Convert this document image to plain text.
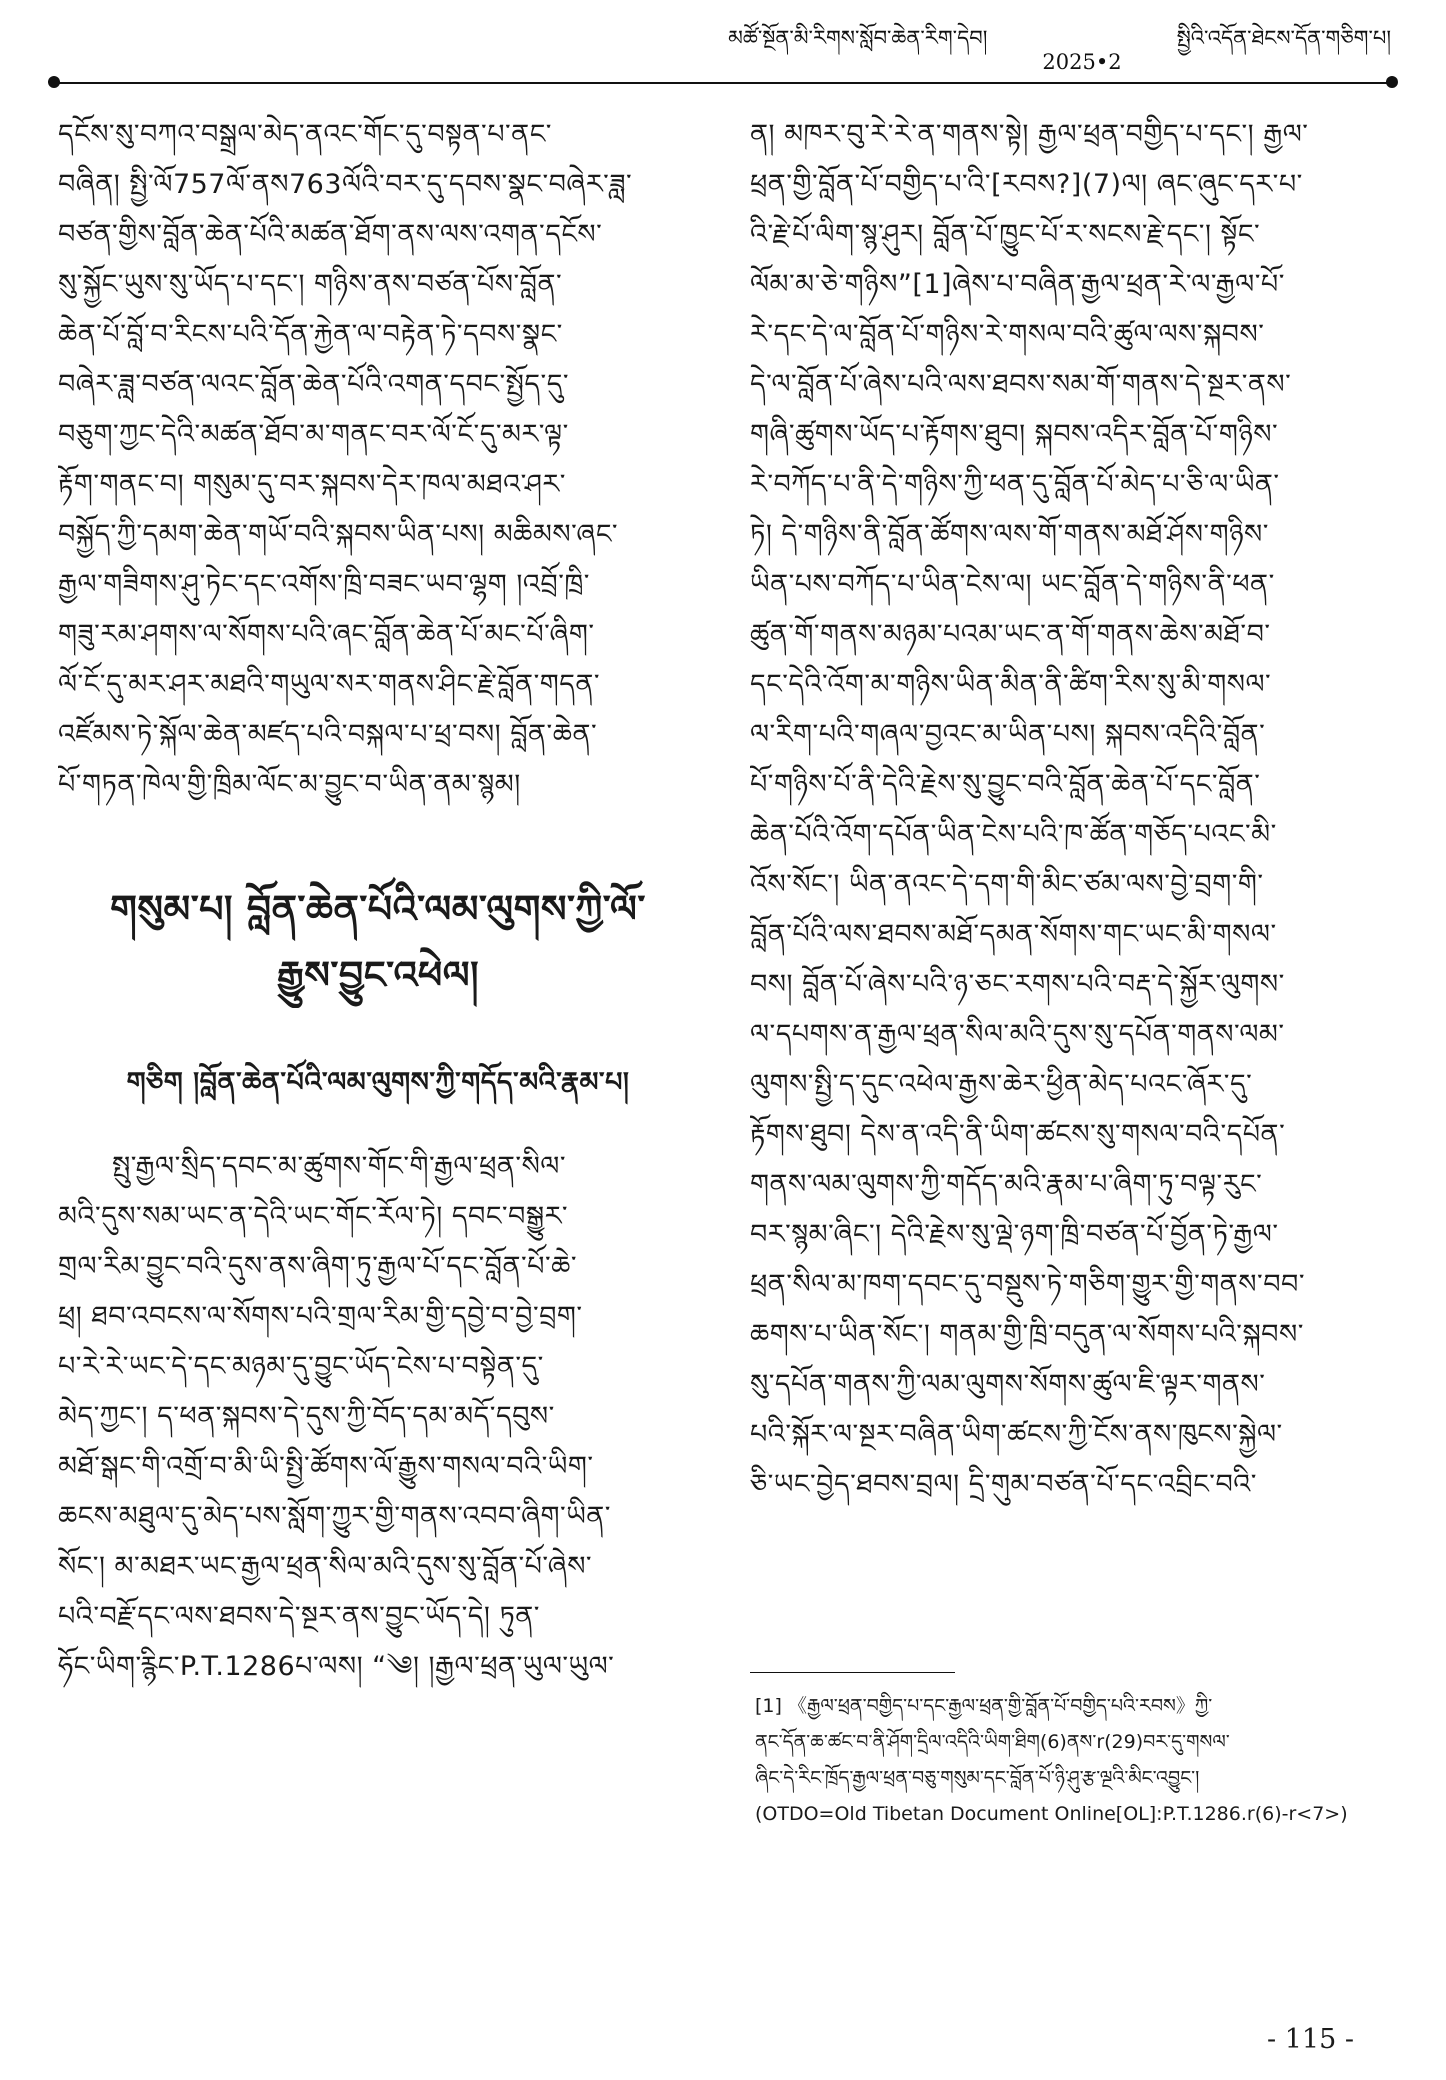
མཚོ་སྔོན་མི་རིགས་སློབ་ཆེན་རིག་དེབ།
2025•2
སྤྱིའི་འདོན་ཐེངས་དོན་གཅིག་པ།
དངོས་སུ་བཀའ་བསྒྲལ་མེད་ནའང་གོང་དུ་བསྟན་པ་ནང་
བཞིན། སྤྱི་ལོ757ལོ་ནས763ལོའི་བར་དུ་དབས་སྣང་བཞེར་ཟླ་
བཙན་གྱིས་བློན་ཆེན་པོའི་མཚན་ཐོག་ནས་ལས་འགན་དངོས་
སུ་སྐྱོང་ཡུས་སུ་ཡོད་པ་དང་། གཉིས་ནས་བཙན་པོས་བློན་
ཆེན་པོ་བློ་བ་རིངས་པའི་དོན་རྐྱེན་ལ་བརྟེན་ཏེ་དབས་སྣང་
བཞེར་ཟླ་བཙན་ལའང་བློན་ཆེན་པོའི་འགན་དབང་སྤྱོད་དུ་
བཅུག་ཀྱང་དེའི་མཚན་ཐོབ་མ་གནང་བར་ལོ་ངོ་དུ་མར་ལྟ་
རྟོག་གནང་བ། གསུམ་དུ་བར་སྐབས་དེར་ཁལ་མཐའ་ཤར་
བསྐྱོད་ཀྱི་དམག་ཆེན་གཡོ་བའི་སྐབས་ཡིན་པས། མཆིམས་ཞང་
རྒྱལ་གཟིགས་ཤུ་ཏེང་དང་འགོས་ཁྲི་བཟང་ཡབ་ལྷག །འབྲོ་ཁྲི་
གཟུ་རམ་ཤགས་ལ་སོགས་པའི་ཞང་བློན་ཆེན་པོ་མང་པོ་ཞིག་
ལོ་ངོ་དུ་མར་ཤར་མཐའི་གཡུལ་སར་གནས་ཤིང་རྗེ་བློན་གདན་
འཛོམས་ཏེ་སྐོལ་ཆེན་མཛད་པའི་བསྐལ་པ་ཕྲ་བས། བློན་ཆེན་
པོ་གཏན་ཁེལ་གྱི་ཁྲིམ་ལོང་མ་བྱུང་བ་ཡིན་ནམ་སྙམ།
གསུམ་པ། བློན་ཆེན་པོའི་ལམ་ལུགས་ཀྱི་ལོ་
རྒྱུས་བྱུང་འཕེལ།
གཅིག །བློན་ཆེན་པོའི་ལམ་ལུགས་ཀྱི་གདོད་མའི་རྣམ་པ།
སྤུ་རྒྱལ་སྲིད་དབང་མ་ཚུགས་གོང་གི་རྒྱལ་ཕྲན་སིལ་
མའི་དུས་སམ་ཡང་ན་དེའི་ཡང་གོང་རོལ་ཏེ། དབང་བསྒྱུར་
གྲལ་རིམ་བྱུང་བའི་དུས་ནས་ཞིག་ཏུ་རྒྱལ་པོ་དང་བློན་པོ་ཆེ་
ཕྲ། ཐབ་འབངས་ལ་སོགས་པའི་གྲལ་རིམ་གྱི་དབྱེ་བ་བྱེ་བྲག་
པ་རེ་རེ་ཡང་དེ་དང་མཉམ་དུ་བྱུང་ཡོད་ངེས་པ་བསྟེན་དུ་
མེད་ཀྱང་། ད་ཕན་སྐབས་དེ་དུས་ཀྱི་བོད་དམ་མདོ་དབུས་
མཐོ་སྒང་གི་འགྲོ་བ་མི་ཡི་སྤྱི་ཚོགས་ལོ་རྒྱུས་གསལ་བའི་ཡིག་
ཆངས་མཐུལ་དུ་མེད་པས་སློག་ཀྱུར་གྱི་གནས་འབབ་ཞིག་ཡིན་
སོང་། མ་མཐར་ཡང་རྒྱལ་ཕྲན་སིལ་མའི་དུས་སུ་བློན་པོ་ཞེས་
པའི་བརྗོ་དང་ལས་ཐབས་དེ་སྔར་ནས་བྱུང་ཡོད་དེ། ཏུན་
ཧོང་ཡིག་རྙིང་P.T.1286པ་ལས། “༄། །རྒྱལ་ཕྲན་ཡུལ་ཡུལ་
ན། མཁར་བུ་རེ་རེ་ན་གནས་སྟེ། རྒྱལ་ཕྲན་བགྱིད་པ་དང་། རྒྱལ་
ཕྲན་གྱི་བློན་པོ་བགྱིད་པ་འི་[རབས?](7)ལ། ཞང་ཞུང་དར་པ་
འི་རྗེ་པོ་ལིག་སྙ་ཤུར། བློན་པོ་ཁྱུང་པོ་ར་སངས་རྗེ་དང་། སྟོང་
ལོམ་མ་ཅེ་གཉིས”[1]ཞེས་པ་བཞིན་རྒྱལ་ཕྲན་རེ་ལ་རྒྱལ་པོ་
རེ་དང་དེ་ལ་བློན་པོ་གཉིས་རེ་གསལ་བའི་ཚུལ་ལས་སྐབས་
དེ་ལ་བློན་པོ་ཞེས་པའི་ལས་ཐབས་སམ་གོ་གནས་དེ་སྔར་ནས་
གཞི་ཚུགས་ཡོད་པ་རྟོགས་ཐུབ། སྐབས་འདིར་བློན་པོ་གཉིས་
རེ་བཀོད་པ་ནི་དེ་གཉིས་ཀྱི་ཕན་དུ་བློན་པོ་མེད་པ་ཅི་ལ་ཡིན་
ཏེ། དེ་གཉིས་ནི་བློན་ཚོགས་ལས་གོ་གནས་མཐོ་ཤོས་གཉིས་
ཡིན་པས་བཀོད་པ་ཡིན་ངེས་ལ། ཡང་བློན་དེ་གཉིས་ནི་ཕན་
ཚུན་གོ་གནས་མཉམ་པའམ་ཡང་ན་གོ་གནས་ཆེས་མཐོ་བ་
དང་དེའི་འོག་མ་གཉིས་ཡིན་མིན་ནི་ཚིག་རིས་སུ་མི་གསལ་
ལ་རིག་པའི་གཞལ་བྱའང་མ་ཡིན་པས། སྐབས་འདིའི་བློན་
པོ་གཉིས་པོ་ནི་དེའི་རྗེས་སུ་བྱུང་བའི་བློན་ཆེན་པོ་དང་བློན་
ཆེན་པོའི་འོག་དཔོན་ཡིན་ངེས་པའི་ཁ་ཚོན་གཅོད་པའང་མི་
འོས་སོང་། ཡིན་ནའང་དེ་དག་གི་མིང་ཙམ་ལས་བྱེ་བྲག་གི་
བློན་པོའི་ལས་ཐབས་མཐོ་དམན་སོགས་གང་ཡང་མི་གསལ་
བས། བློན་པོ་ཞེས་པའི་ཉ་ཅང་རགས་པའི་བརྡ་དེ་སྐྱོར་ལུགས་
ལ་དཔགས་ན་རྒྱལ་ཕྲན་སིལ་མའི་དུས་སུ་དཔོན་གནས་ལམ་
ལུགས་སྤྱི་ད་དུང་འཕེལ་རྒྱས་ཆེར་ཕྱིན་མེད་པའང་ཞོར་དུ་
རྟོགས་ཐུབ། དེས་ན་འདི་ནི་ཡིག་ཚངས་སུ་གསལ་བའི་དཔོན་
གནས་ལམ་ལུགས་ཀྱི་གདོད་མའི་རྣམ་པ་ཞིག་ཏུ་བལྟ་རུང་
བར་སྙམ་ཞིང་། དེའི་རྗེས་སུ་ལྡེ་ཉག་ཁྲི་བཙན་པོ་བྱོན་ཏེ་རྒྱལ་
ཕྲན་སིལ་མ་ཁག་དབང་དུ་བསྡུས་ཏེ་གཅིག་གྱུར་གྱི་གནས་བབ་
ཆགས་པ་ཡིན་སོང་། གནམ་གྱི་ཁྲི་བདུན་ལ་སོགས་པའི་སྐབས་
སུ་དཔོན་གནས་ཀྱི་ལམ་ལུགས་སོགས་ཚུལ་ཇི་ལྟར་གནས་
པའི་སྐོར་ལ་སྔར་བཞིན་ཡིག་ཚངས་ཀྱི་ངོས་ནས་ཁུངས་སྐྱེལ་
ཅི་ཡང་བྱེད་ཐབས་བྲལ། དྲི་གུམ་བཙན་པོ་དང་འབྲིང་བའི་
[1] 《རྒྱལ་ཕྲན་བགྱིད་པ་དང་རྒྱལ་ཕྲན་གྱི་བློན་པོ་བགྱིད་པའི་རབས》ཀྱི་
ནང་དོན་ཆ་ཚང་བ་ནི་ཤོག་དྲིལ་འདིའི་ཡིག་ཐིག(6)ནས་r(29)བར་དུ་གསལ་
ཞིང་དེ་རིང་ཁྲོད་རྒྱལ་ཕྲན་བཅུ་གསུམ་དང་བློན་པོ་ཉི་ཤུ་རྩ་ལྔའི་མིང་འབྱུང་།
(OTDO=Old Tibetan Document Online[OL]:P.T.1286.r(6)-r<7>)
- 115 -
